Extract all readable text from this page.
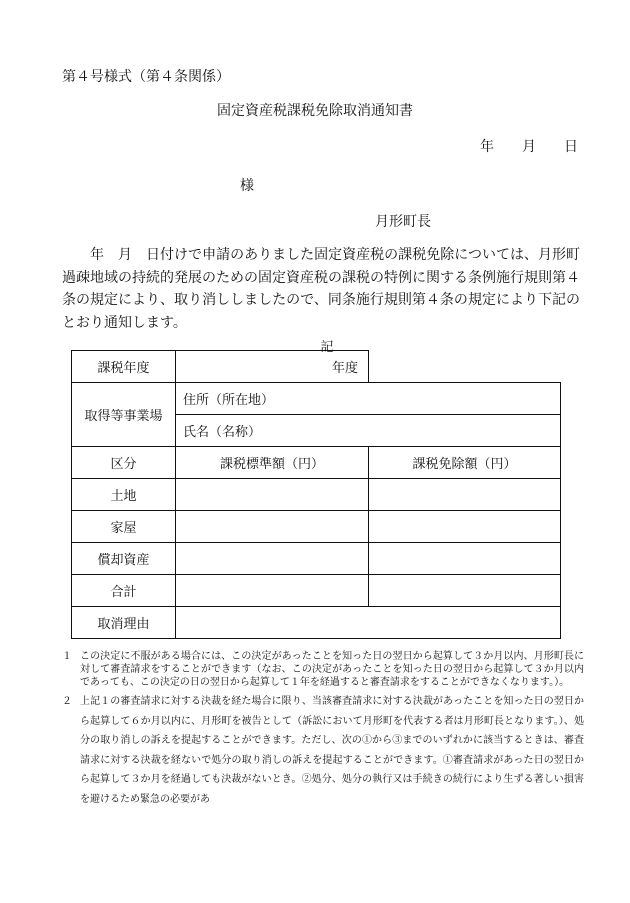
第４号様式（第４条関係）
固定資産税課税免除取消通知書
年 月 日
様
月形町長
年　月　日付けで申請のありました固定資産税の課税免除については、月形町過疎地域の持続的発展のための固定資産税の課税の特例に関する条例施行規則第４条の規定により、取り消ししましたので、同条施行規則第４条の規定により下記のとおり通知します。
記
課税年度	年度	
取得等事業場	住所（所在地）	
	氏名（名称）	
区分	課税標準額（円）	課税免除額（円）
土地		
家屋		
償却資産		
合計		
取消理由		
１ この決定に不服がある場合には、この決定があったことを知った日の翌日から起算して３か月以内、月形町長に対して審査請求をすることができます（なお、この決定があったことを知った日の翌日から起算して３か月以内であっても、この決定の日の翌日から起算して１年を経過すると審査請求をすることができなくなります。）。
２ 上記１の審査請求に対する決裁を経た場合に限り、当該審査請求に対する決裁があったことを知った日の翌日から起算して６か月以内に、月形町を被告として（訴訟において月形町を代表する者は月形町長となります。）、処分の取り消しの訴えを提起することができます。ただし、次の①から③までのいずれかに該当するときは、審査請求に対する決裁を経ないで処分の取り消しの訴えを提起することができます。①審査請求があった日の翌日から起算して３か月を経過しても決裁がないとき。②処分、処分の執行又は手続きの続行により生ずる著しい損害を避けるため緊急の必要があ
